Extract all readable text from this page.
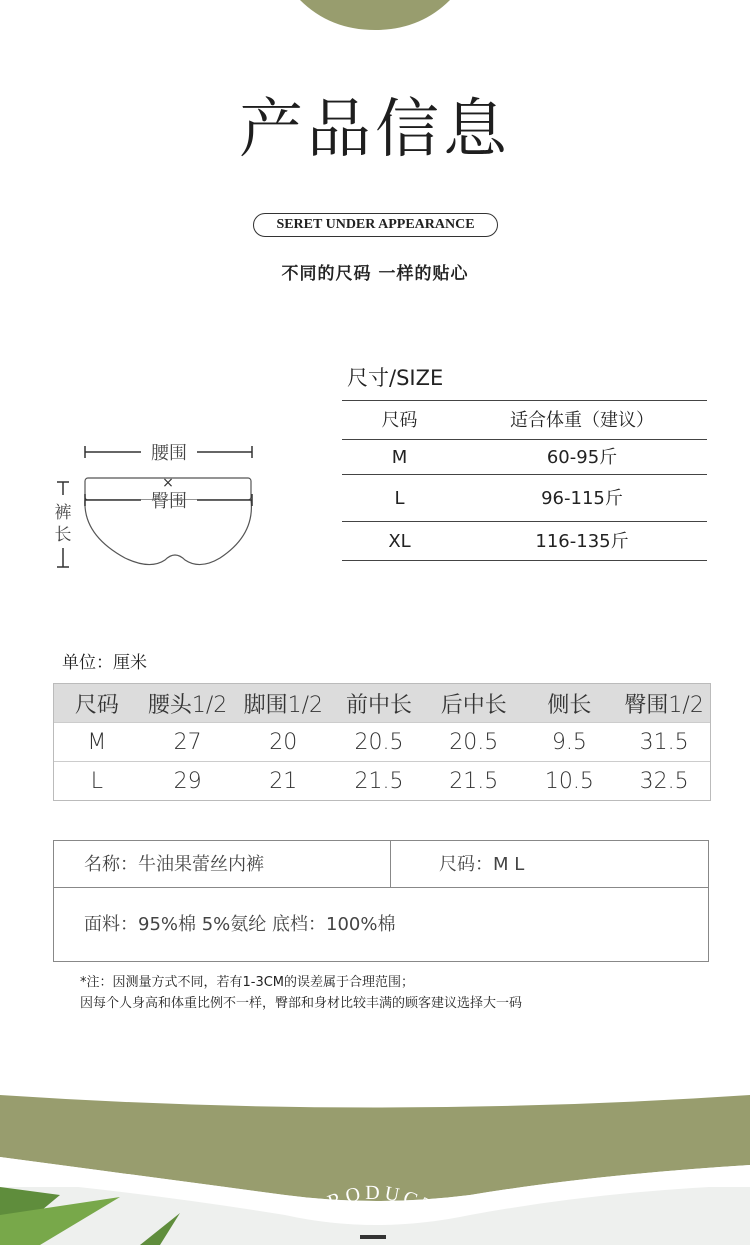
产品信息
SERET UNDER APPEARANCE
不同的尺码 一样的贴心
尺寸/SIZE
尺码	适合体重（建议）
M	60-95斤
L	96-115斤
XL	116-135斤
腰围
×
臀围
裤
长
单位：厘米
尺码	腰头1/2 脚围1/2	前中长	后中长	侧长	臀围1/2
M	27	20	20.5	20.5	9.5	31.5
L	29	21	21.5	21.5	10.5	32.5
名称：牛油果蕾丝内裤	尺码：M L
面料：95%棉 5%氨纶 底档：100%棉
*注：因测量方式不同，若有1-3CM的误差属于合理范围；
因每个人身高和体重比例不一样，臀部和身材比较丰满的顾客建议选择大一码
PRODUCT
